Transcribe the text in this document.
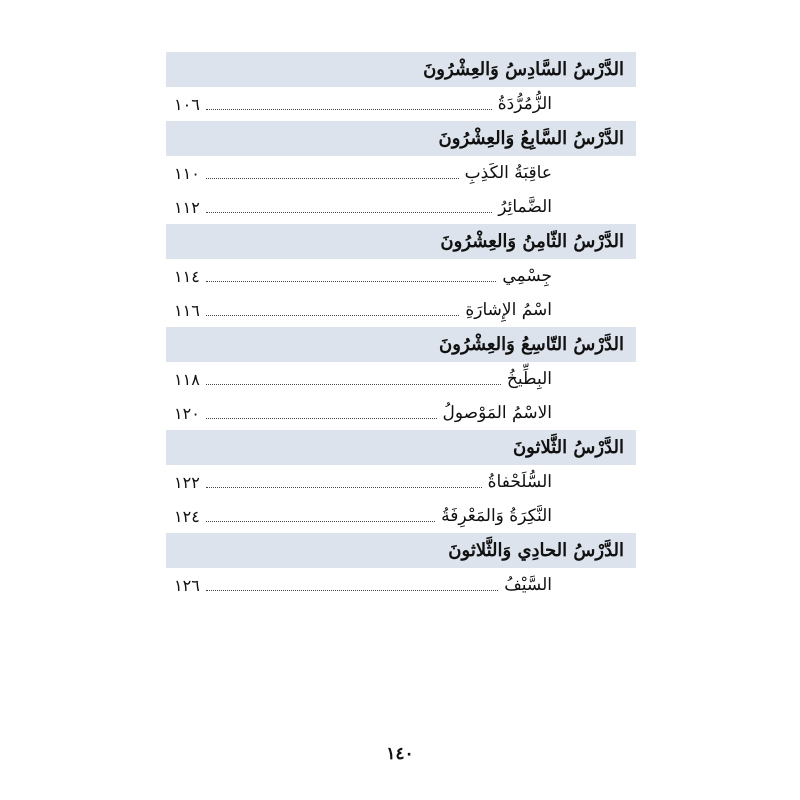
الدَّرْسُ السَّادِسُ وَالعِشْرُونَ
الزُّمُرُّدَةُ
١٠٦
الدَّرْسُ السَّابِعُ وَالعِشْرُونَ
عاقِبَةُ الكَذِبِ
١١٠
الضَّمائِرُ
١١٢
الدَّرْسُ الثّامِنُ وَالعِشْرُونَ
جِسْمِي
١١٤
اسْمُ الإِشارَةِ
١١٦
الدَّرْسُ التّاسِعُ وَالعِشْرُونَ
البِطِّيخُ
١١٨
الاسْمُ المَوْصولُ
١٢٠
الدَّرْسُ الثَّلاثونَ
السُّلَحْفاةُ
١٢٢
النَّكِرَةُ وَالمَعْرِفَةُ
١٢٤
الدَّرْسُ الحادِي وَالثَّلاثونَ
السَّيْفُ
١٢٦
١٤٠
